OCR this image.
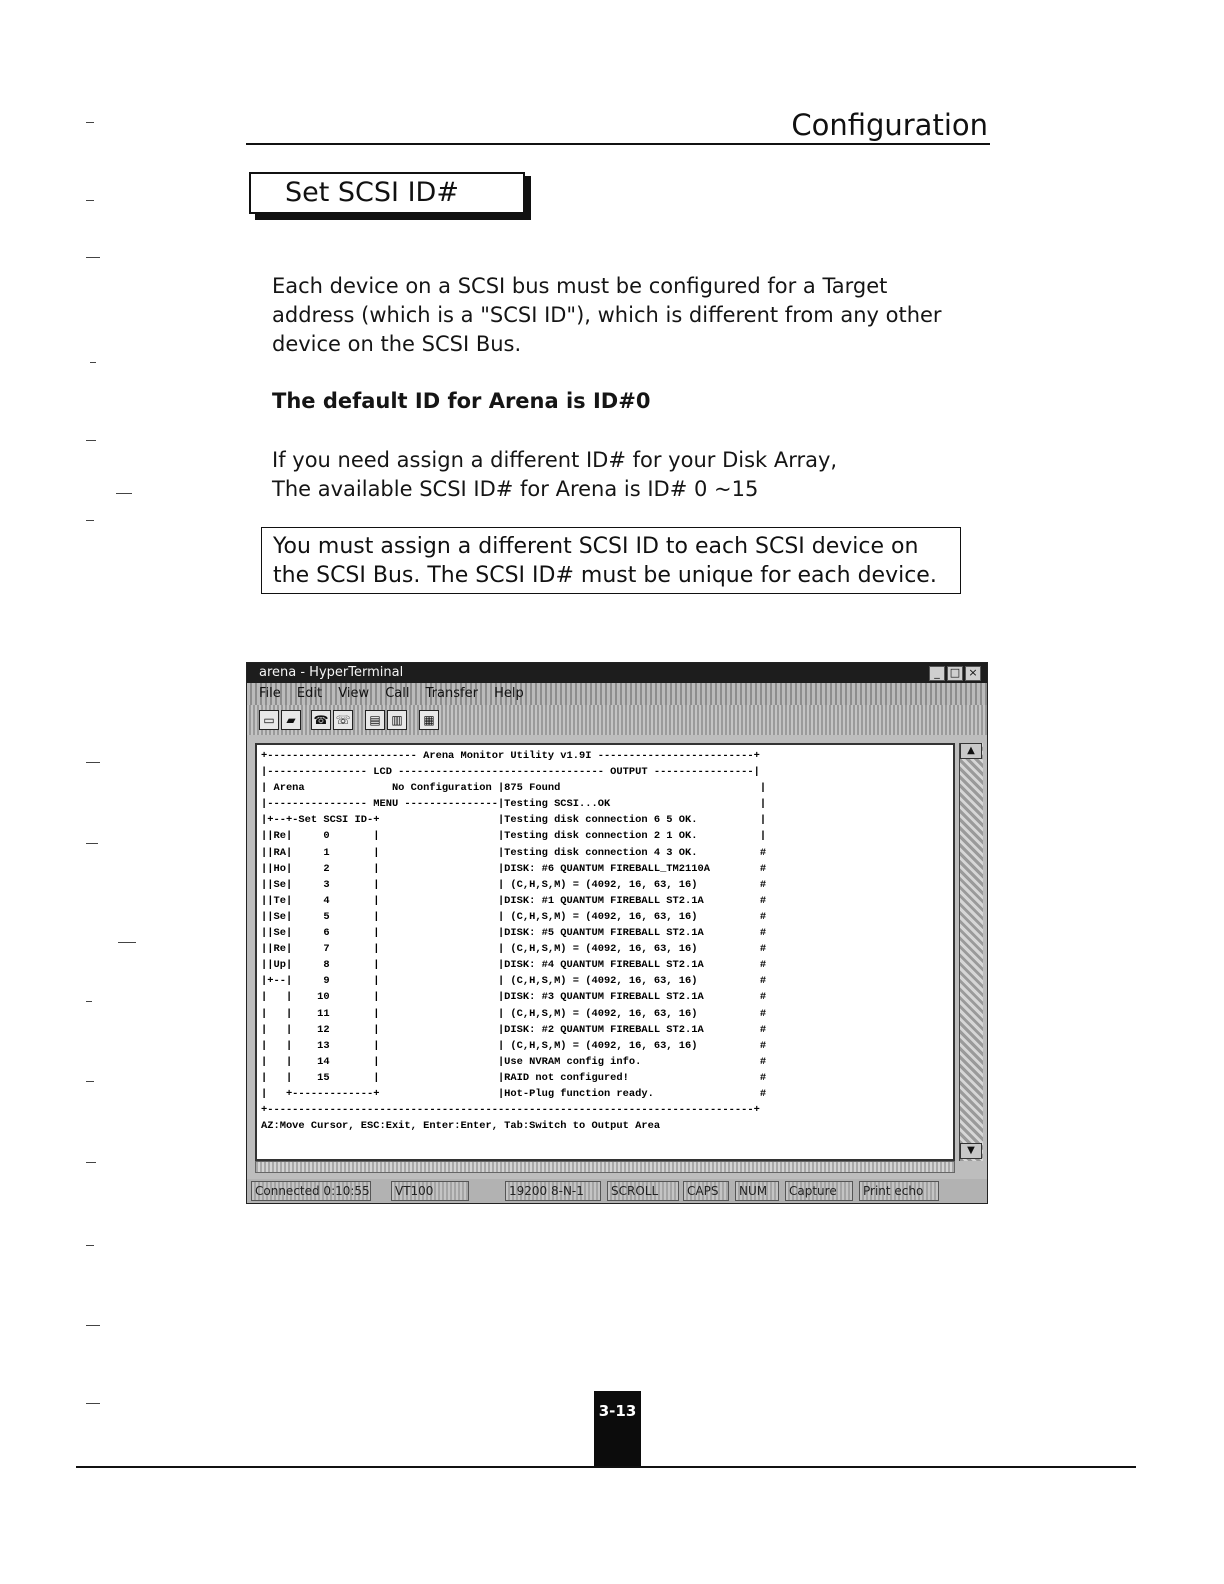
Configuration
Set SCSI ID#
Each device on a SCSI bus must be configured for a Target address (which is a "SCSI ID"), which is different from any other device on the SCSI Bus.
The default ID for Arena is ID#0
If you need assign a different ID# for your Disk Array,
The available SCSI ID# for Arena is ID# 0 ~15
You must assign a different SCSI ID to each SCSI device on the SCSI Bus. The SCSI ID# must be unique for each device.
arena - HyperTerminal	_ □ ×
File Edit View Call Transfer Help
▭ ▰	☎ ☏	▤ ▥	▦
+------------------------ Arena Monitor Utility v1.9I -------------------------+
|---------------- LCD --------------------------------- OUTPUT ----------------|
| Arena              No Configuration |875 Found                                |
|---------------- MENU ---------------|Testing SCSI...OK                        |
|+--+-Set SCSI ID-+                   |Testing disk connection 6 5 OK.          |
||Re|     0       |                   |Testing disk connection 2 1 OK.          |
||RA|     1       |                   |Testing disk connection 4 3 OK.          #
||Ho|     2       |                   |DISK: #6 QUANTUM FIREBALL_TM2110A        #
||Se|     3       |                   | (C,H,S,M) = (4092, 16, 63, 16)          #
||Te|     4       |                   |DISK: #1 QUANTUM FIREBALL ST2.1A         #
||Se|     5       |                   | (C,H,S,M) = (4092, 16, 63, 16)          #
||Se|     6       |                   |DISK: #5 QUANTUM FIREBALL ST2.1A         #
||Re|     7       |                   | (C,H,S,M) = (4092, 16, 63, 16)          #
||Up|     8       |                   |DISK: #4 QUANTUM FIREBALL ST2.1A         #
|+--|     9       |                   | (C,H,S,M) = (4092, 16, 63, 16)          #
|   |    10       |                   |DISK: #3 QUANTUM FIREBALL ST2.1A         #
|   |    11       |                   | (C,H,S,M) = (4092, 16, 63, 16)          #
|   |    12       |                   |DISK: #2 QUANTUM FIREBALL ST2.1A         #
|   |    13       |                   | (C,H,S,M) = (4092, 16, 63, 16)          #
|   |    14       |                   |Use NVRAM config info.                   #
|   |    15       |                   |RAID not configured!                     #
|   +-------------+                   |Hot-Plug function ready.                 #
+------------------------------------------------------------------------------+
AZ:Move Cursor, ESC:Exit, Enter:Enter, Tab:Switch to Output Area
▲
▼
Connected 0:10:55	VT100	19200 8-N-1	SCROLL	CAPS	NUM	Capture	Print echo
3-13
